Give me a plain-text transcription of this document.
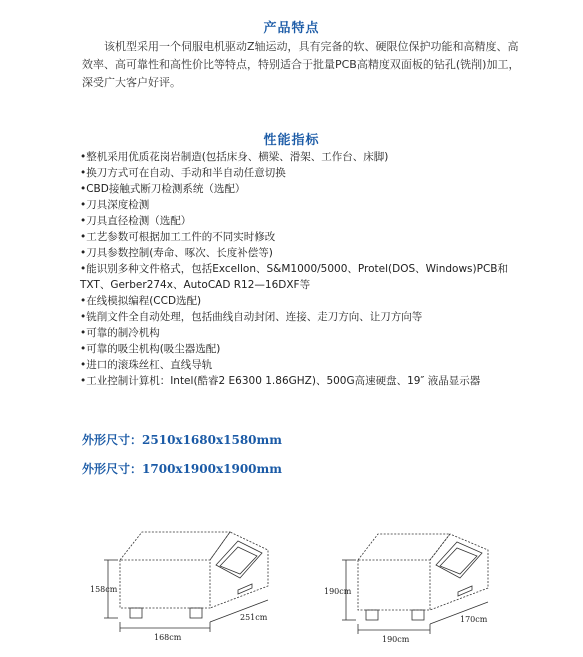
产品特点
该机型采用一个伺服电机驱动Z轴运动，具有完备的软、硬限位保护功能和高精度、高效率、高可靠性和高性价比等特点，特别适合于批量PCB高精度双面板的钻孔(铣削)加工，深受广大客户好评。
性能指标
•整机采用优质花岗岩制造(包括床身、横梁、滑架、工作台、床脚)
•换刀方式可在自动、手动和半自动任意切换
•CBD接触式断刀检测系统（选配）
•刀具深度检测
•刀具直径检测（选配）
•工艺参数可根据加工工件的不同实时修改
•刀具参数控制(寿命、啄次、长度补偿等)
•能识别多种文件格式，包括Excellon、S&M1000/5000、Protel(DOS、Windows)PCB和TXT、Gerber274x、AutoCAD R12—16DXF等
•在线模拟编程(CCD选配)
•铣削文件全自动处理，包括曲线自动封闭、连接、走刀方向、让刀方向等
•可靠的制冷机构
•可靠的吸尘机构(吸尘器选配)
•进口的滚珠丝杠、直线导轨
•工业控制计算机：Intel(酷睿2 E6300 1.86GHZ)、500G高速硬盘、19″ 液晶显示器
外形尺寸：2510x1680x1580mm
外形尺寸：1700x1900x1900mm
158cm
168cm
251cm
190cm
190cm
170cm
